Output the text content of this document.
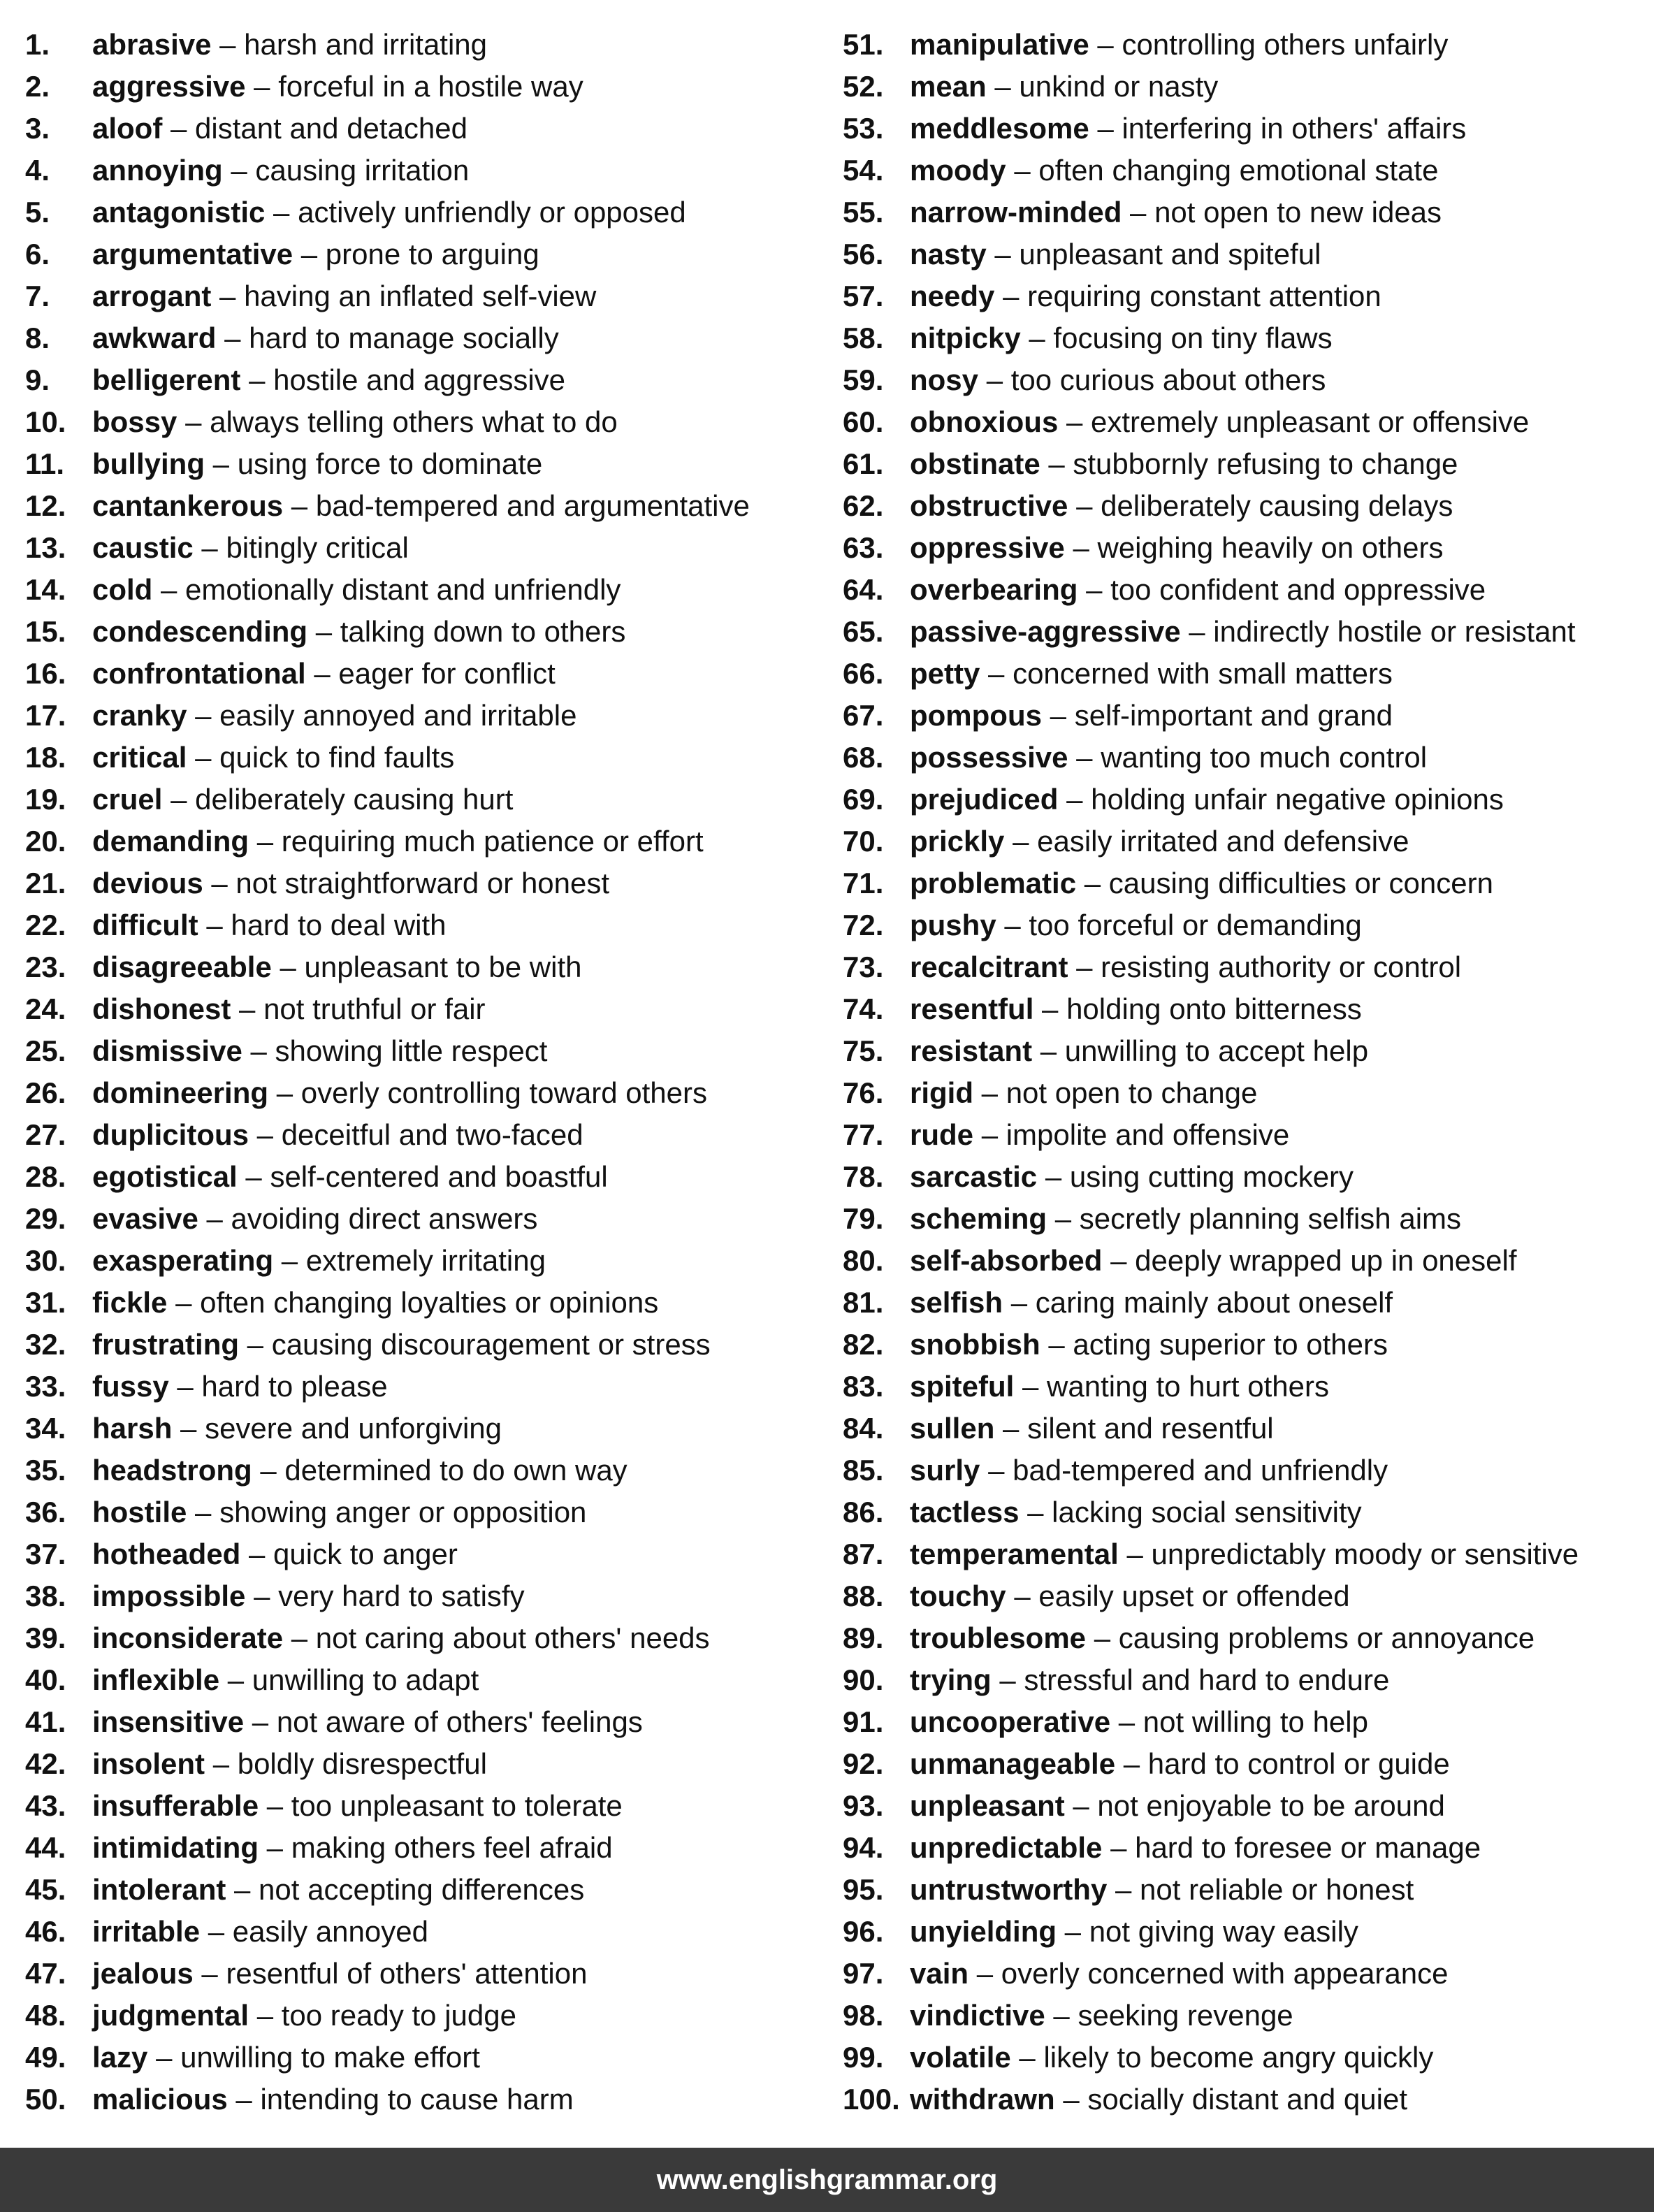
1. abrasive – harsh and irritating
2. aggressive – forceful in a hostile way
3. aloof – distant and detached
4. annoying – causing irritation
5. antagonistic – actively unfriendly or opposed
6. argumentative – prone to arguing
7. arrogant – having an inflated self-view
8. awkward – hard to manage socially
9. belligerent – hostile and aggressive
10. bossy – always telling others what to do
11. bullying – using force to dominate
12. cantankerous – bad-tempered and argumentative
13. caustic – bitingly critical
14. cold – emotionally distant and unfriendly
15. condescending – talking down to others
16. confrontational – eager for conflict
17. cranky – easily annoyed and irritable
18. critical – quick to find faults
19. cruel – deliberately causing hurt
20. demanding – requiring much patience or effort
21. devious – not straightforward or honest
22. difficult – hard to deal with
23. disagreeable – unpleasant to be with
24. dishonest – not truthful or fair
25. dismissive – showing little respect
26. domineering – overly controlling toward others
27. duplicitous – deceitful and two-faced
28. egotistical – self-centered and boastful
29. evasive – avoiding direct answers
30. exasperating – extremely irritating
31. fickle – often changing loyalties or opinions
32. frustrating – causing discouragement or stress
33. fussy – hard to please
34. harsh – severe and unforgiving
35. headstrong – determined to do own way
36. hostile – showing anger or opposition
37. hotheaded – quick to anger
38. impossible – very hard to satisfy
39. inconsiderate – not caring about others' needs
40. inflexible – unwilling to adapt
41. insensitive – not aware of others' feelings
42. insolent – boldly disrespectful
43. insufferable – too unpleasant to tolerate
44. intimidating – making others feel afraid
45. intolerant – not accepting differences
46. irritable – easily annoyed
47. jealous – resentful of others' attention
48. judgmental – too ready to judge
49. lazy – unwilling to make effort
50. malicious – intending to cause harm
51. manipulative – controlling others unfairly
52. mean – unkind or nasty
53. meddlesome – interfering in others' affairs
54. moody – often changing emotional state
55. narrow-minded – not open to new ideas
56. nasty – unpleasant and spiteful
57. needy – requiring constant attention
58. nitpicky – focusing on tiny flaws
59. nosy – too curious about others
60. obnoxious – extremely unpleasant or offensive
61. obstinate – stubbornly refusing to change
62. obstructive – deliberately causing delays
63. oppressive – weighing heavily on others
64. overbearing – too confident and oppressive
65. passive-aggressive – indirectly hostile or resistant
66. petty – concerned with small matters
67. pompous – self-important and grand
68. possessive – wanting too much control
69. prejudiced – holding unfair negative opinions
70. prickly – easily irritated and defensive
71. problematic – causing difficulties or concern
72. pushy – too forceful or demanding
73. recalcitrant – resisting authority or control
74. resentful – holding onto bitterness
75. resistant – unwilling to accept help
76. rigid – not open to change
77. rude – impolite and offensive
78. sarcastic – using cutting mockery
79. scheming – secretly planning selfish aims
80. self-absorbed – deeply wrapped up in oneself
81. selfish – caring mainly about oneself
82. snobbish – acting superior to others
83. spiteful – wanting to hurt others
84. sullen – silent and resentful
85. surly – bad-tempered and unfriendly
86. tactless – lacking social sensitivity
87. temperamental – unpredictably moody or sensitive
88. touchy – easily upset or offended
89. troublesome – causing problems or annoyance
90. trying – stressful and hard to endure
91. uncooperative – not willing to help
92. unmanageable – hard to control or guide
93. unpleasant – not enjoyable to be around
94. unpredictable – hard to foresee or manage
95. untrustworthy – not reliable or honest
96. unyielding – not giving way easily
97. vain – overly concerned with appearance
98. vindictive – seeking revenge
99. volatile – likely to become angry quickly
100. withdrawn – socially distant and quiet
www.englishgrammar.org
